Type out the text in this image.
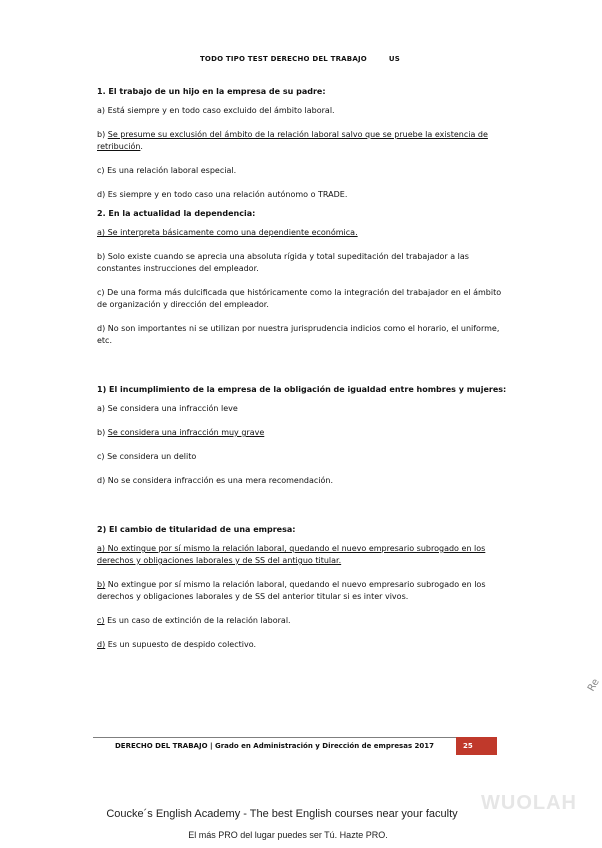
TODO TIPO TEST DERECHO DEL TRABAJO	US
1. El trabajo de un hijo en la empresa de su padre:
a) Está siempre y en todo caso excluido del ámbito laboral.
b) Se presume su exclusión del ámbito de la relación laboral salvo que se pruebe la existencia de retribución.
c) Es una relación laboral especial.
d) Es siempre y en todo caso una relación autónomo o TRADE.
2. En la actualidad la dependencia:
a) Se interpreta básicamente como una dependiente económica.
b) Solo existe cuando se aprecia una absoluta rígida y total supeditación del trabajador a las constantes instrucciones del empleador.
c) De una forma más dulcificada que históricamente como la integración del trabajador en el ámbito de organización y dirección del empleador.
d) No son importantes ni se utilizan por nuestra jurisprudencia indicios como el horario, el uniforme, etc.
1) El incumplimiento de la empresa de la obligación de igualdad entre hombres y mujeres:
a) Se considera una infracción leve
b) Se considera una infracción muy grave
c) Se considera un delito
d) No se considera infracción es una mera recomendación.
2) El cambio de titularidad de una empresa:
a) No extingue por sí mismo la relación laboral, quedando el nuevo empresario subrogado en los derechos y obligaciones laborales y de SS del antiguo titular.
b) No extingue por sí mismo la relación laboral, quedando el nuevo empresario subrogado en los derechos y obligaciones laborales y de SS del anterior titular si es inter vivos.
c) Es un caso de extinción de la relación laboral.
d) Es un supuesto de despido colectivo.
Re
DERECHO DEL TRABAJO | Grado en Administración y Dirección de empresas 2017	25
WUOLAH
Coucke´s English Academy - The best English courses near your faculty
El más PRO del lugar puedes ser Tú. Hazte PRO.
